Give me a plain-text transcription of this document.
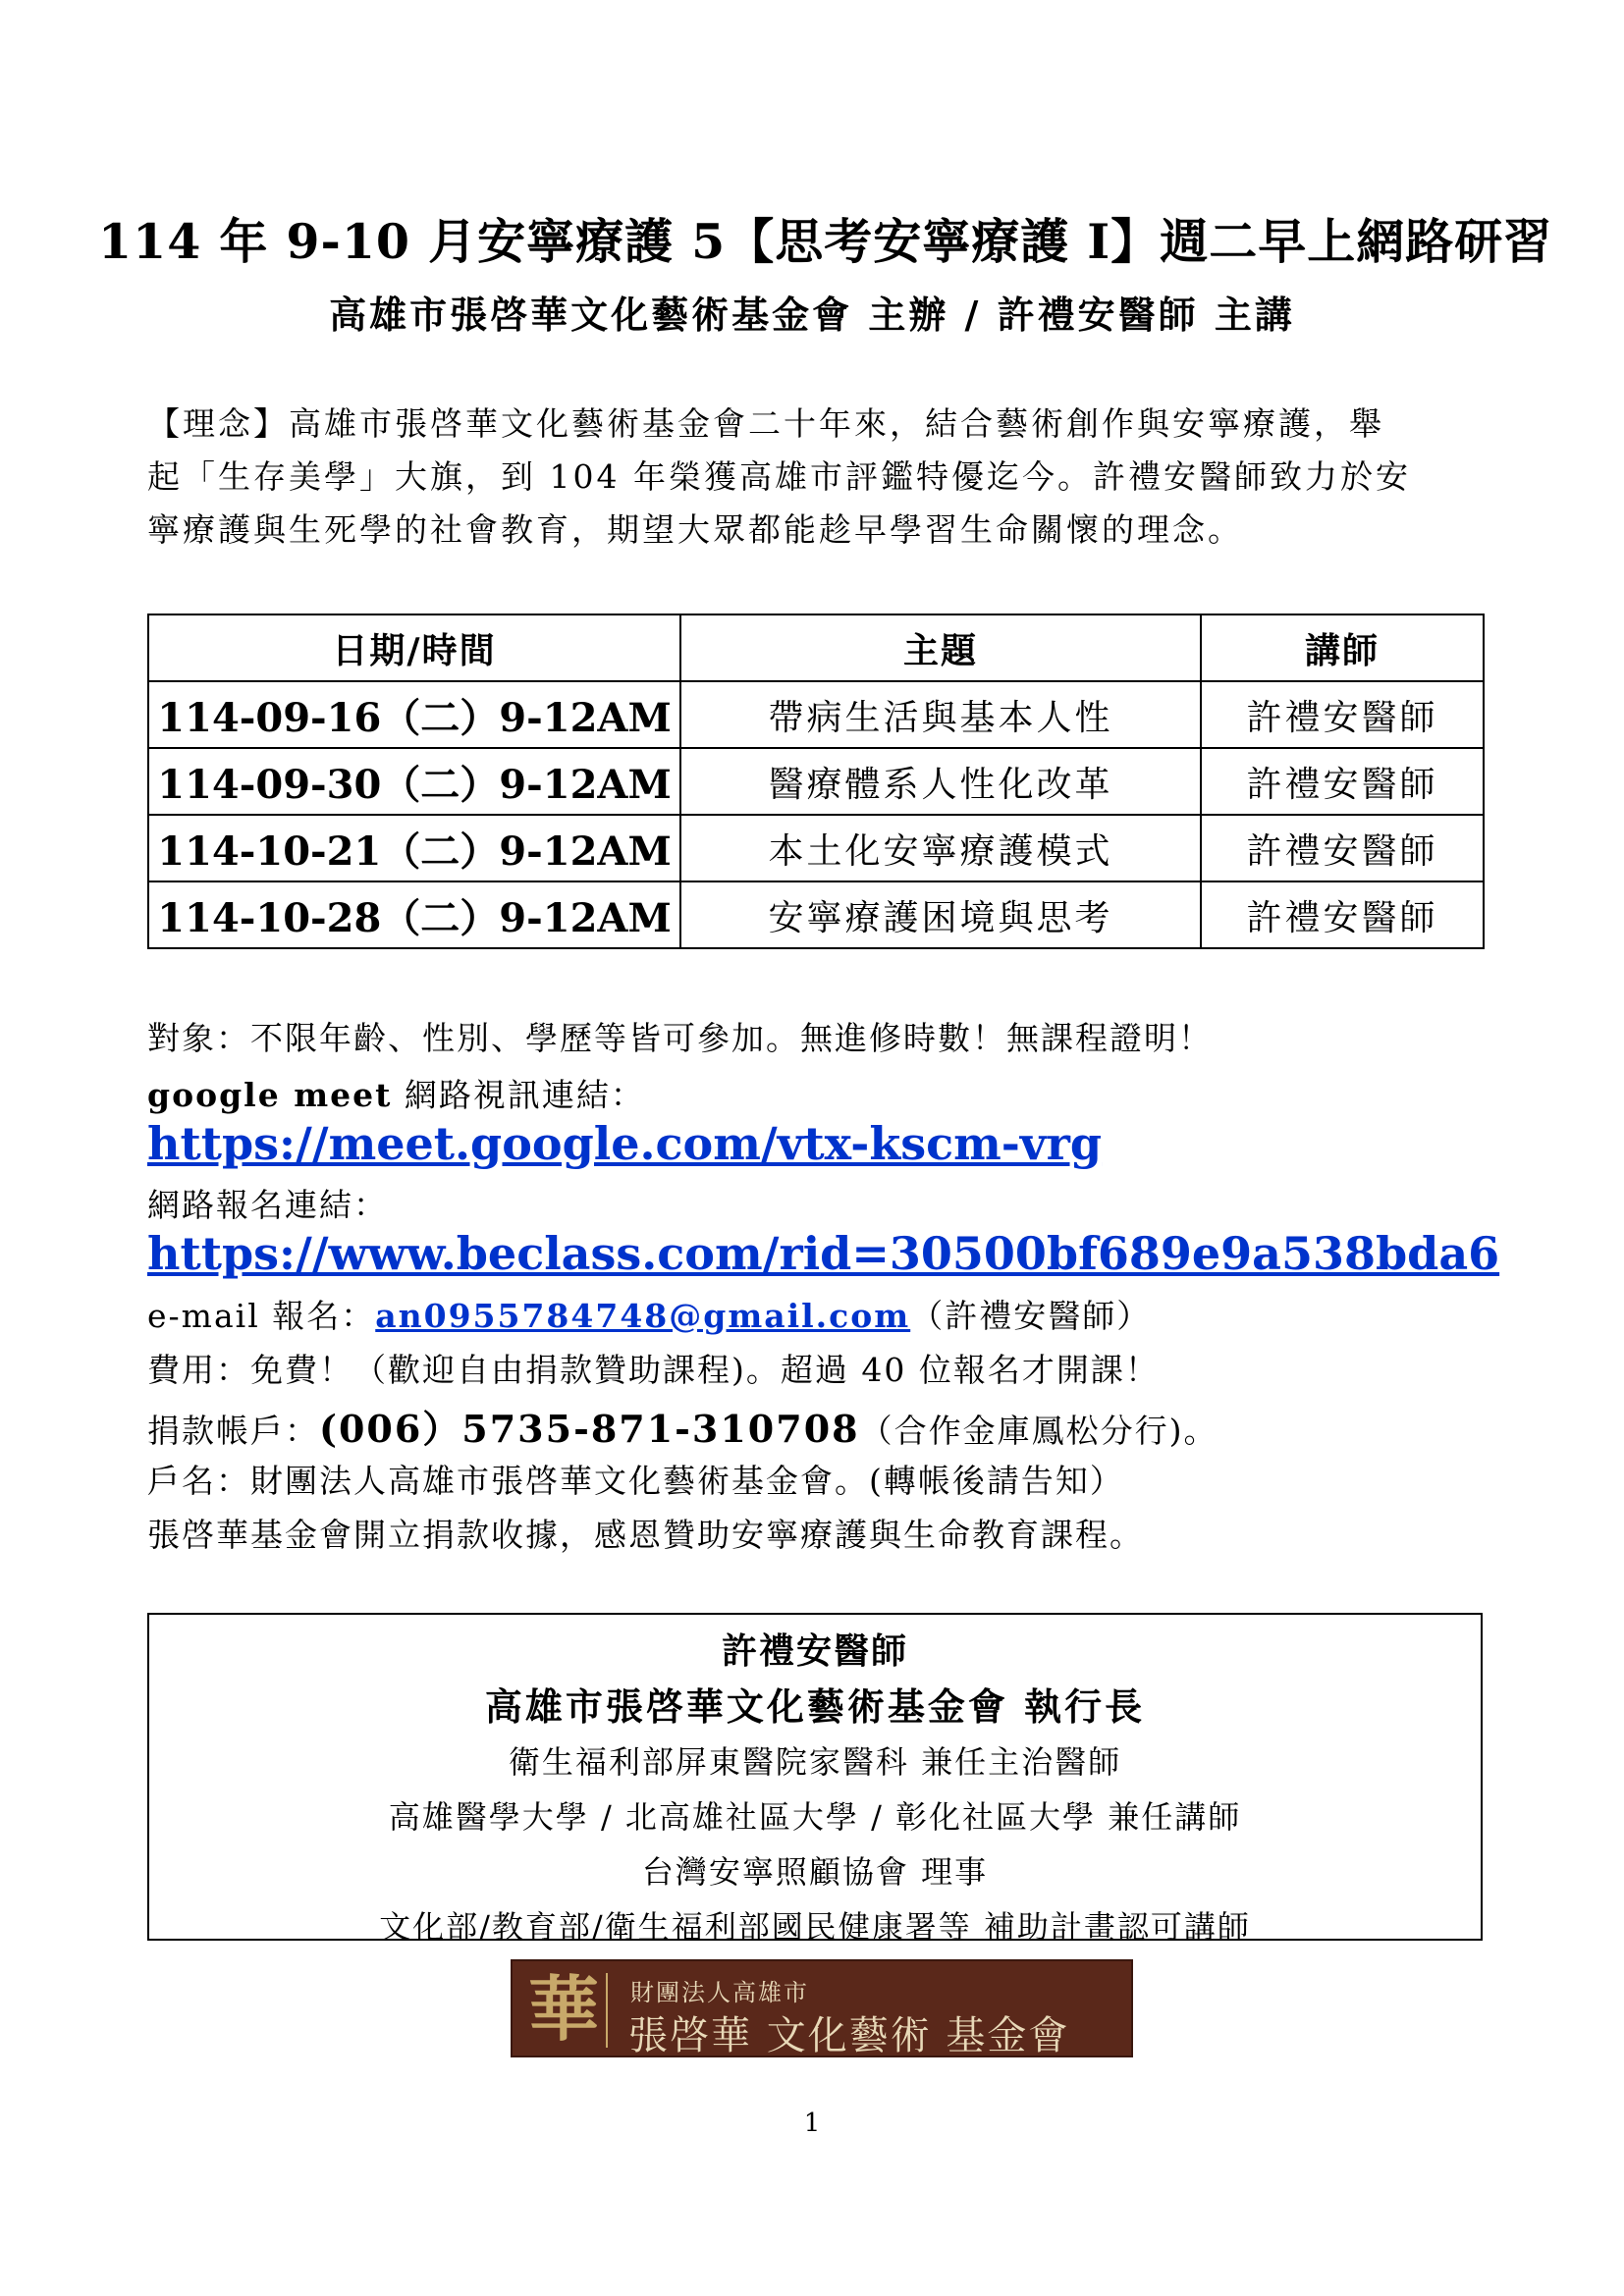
114 年 9-10 月安寧療護 5【思考安寧療護 I】週二早上網路研習
高雄市張啓華文化藝術基金會 主辦 / 許禮安醫師 主講
【理念】高雄市張啓華文化藝術基金會二十年來，結合藝術創作與安寧療護，舉
起「生存美學」大旗，到 104 年榮獲高雄市評鑑特優迄今。許禮安醫師致力於安
寧療護與生死學的社會教育，期望大眾都能趁早學習生命關懷的理念。
日期/時間	主題	講師
114-09-16（二）9-12AM	帶病生活與基本人性	許禮安醫師
114-09-30（二）9-12AM	醫療體系人性化改革	許禮安醫師
114-10-21（二）9-12AM	本土化安寧療護模式	許禮安醫師
114-10-28（二）9-12AM	安寧療護困境與思考	許禮安醫師
對象：不限年齡、性別、學歷等皆可參加。無進修時數！無課程證明！
google meet 網路視訊連結：
https://meet.google.com/vtx-kscm-vrg
網路報名連結：
https://www.beclass.com/rid=30500bf689e9a538bda6
e-mail 報名：an0955784748@gmail.com（許禮安醫師）
費用：免費！（歡迎自由捐款贊助課程)。超過 40 位報名才開課！
捐款帳戶：(006）5735-871-310708（合作金庫鳳松分行)。
戶名：財團法人高雄市張啓華文化藝術基金會。(轉帳後請告知）
張啓華基金會開立捐款收據，感恩贊助安寧療護與生命教育課程。
許禮安醫師
高雄市張啓華文化藝術基金會 執行長
衛生福利部屏東醫院家醫科 兼任主治醫師
高雄醫學大學 / 北高雄社區大學 / 彰化社區大學 兼任講師
台灣安寧照顧協會 理事
文化部/教育部/衛生福利部國民健康署等 補助計畫認可講師
華 財團法人高雄市
張啓華 文化藝術 基金會
1
